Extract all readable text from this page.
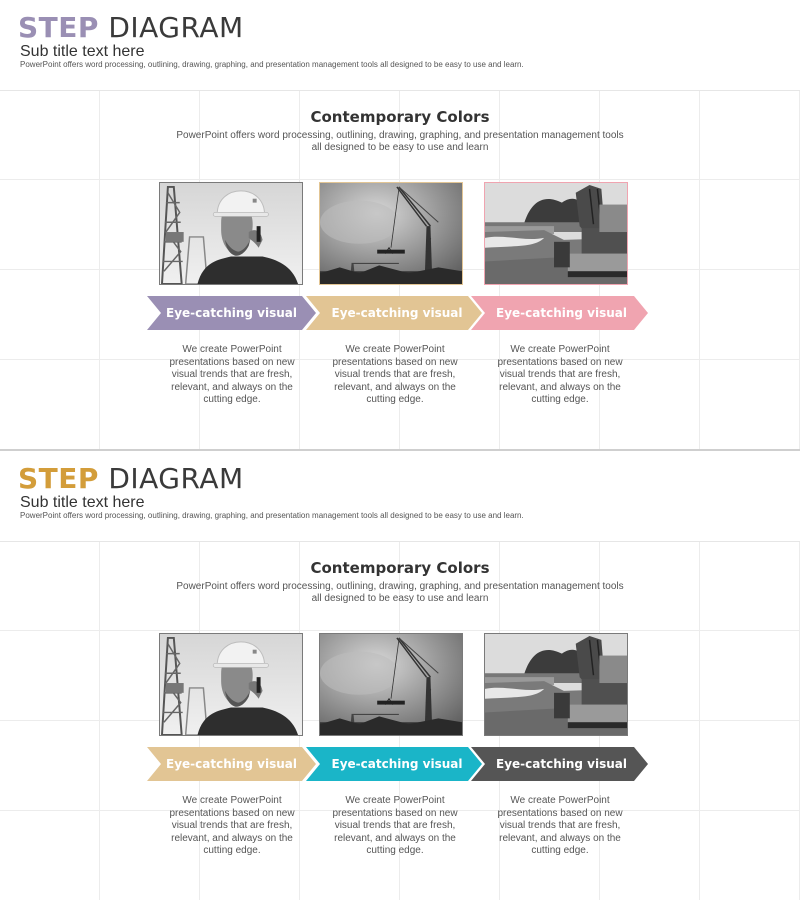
STEP DIAGRAM
Sub title text here
PowerPoint offers word processing, outlining, drawing, graphing, and presentation management tools all designed to be easy to use and learn.
Contemporary Colors
PowerPoint offers word processing, outlining, drawing, graphing, and presentation management tools all designed to be easy to use and learn
Eye-catching visual	Eye-catching visual	Eye-catching visual
We create PowerPoint presentations based on new visual trends that are fresh, relevant, and always on the cutting edge.
We create PowerPoint presentations based on new visual trends that are fresh, relevant, and always on the cutting edge.
We create PowerPoint presentations based on new visual trends that are fresh, relevant, and always on the cutting edge.
STEP DIAGRAM
Sub title text here
PowerPoint offers word processing, outlining, drawing, graphing, and presentation management tools all designed to be easy to use and learn.
Contemporary Colors
PowerPoint offers word processing, outlining, drawing, graphing, and presentation management tools all designed to be easy to use and learn
Eye-catching visual	Eye-catching visual	Eye-catching visual
We create PowerPoint presentations based on new visual trends that are fresh, relevant, and always on the cutting edge.
We create PowerPoint presentations based on new visual trends that are fresh, relevant, and always on the cutting edge.
We create PowerPoint presentations based on new visual trends that are fresh, relevant, and always on the cutting edge.
